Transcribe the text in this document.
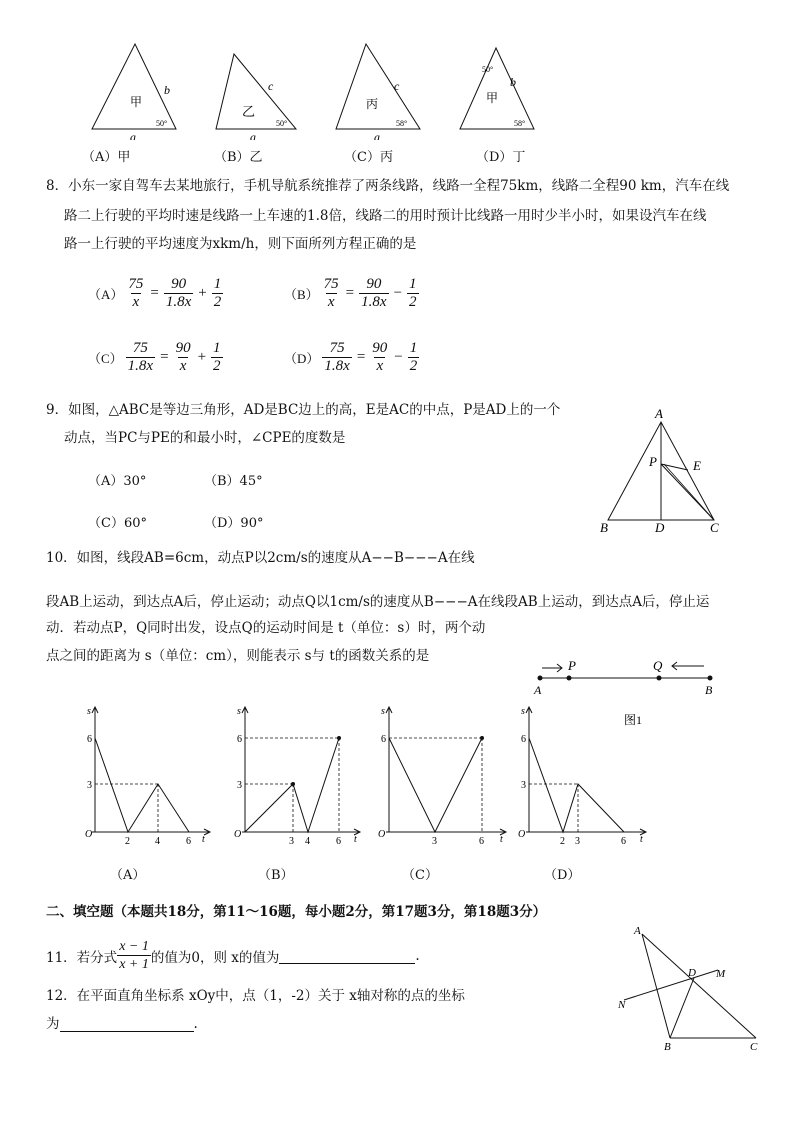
甲
b
a
50°
（A）甲
乙
c
a
50°
（B）乙
丙
c
a
58°
（C）丙
甲
b
50°
58°
（D）丁
8．小东一家自驾车去某地旅行，手机导航系统推荐了两条线路，线路一全程75km，线路二全程90 km，汽车在线
路二上行驶的平均时速是线路一上车速的1.8倍，线路二的用时预计比线路一用时少半小时，如果设汽车在线
路一上行驶的平均速度为xkm/h，则下面所列方程正确的是
$(A) \frac{75}{x} = \frac{90}{1.8x} + \frac{1}{2}$	$(B) \frac{75}{x} = \frac{90}{1.8x} - \frac{1}{2}$
$(C) \frac{75}{1.8x} = \frac{90}{x} + \frac{1}{2}$	$(D) \frac{75}{1.8x} = \frac{90}{x} - \frac{1}{2}$
9．如图，△ABC是等边三角形，AD是BC边上的高，E是AC的中点，P是AD上的一个
动点，当PC与PE的和最小时，∠CPE的度数是
（A）30°	（B）45°
（C）60°	（D）90°
A
B	C
D
E
P
10．如图，线段AB=6cm，动点P以2cm/s的速度从A−−B−−−A在线
段AB上运动，到达点A后，停止运动；动点Q以1cm/s的速度从B−−−A在线段AB上运动，到达点A后，停止运
动．若动点P，Q同时出发，设点Q的运动时间是 t（单位：s）时，两个动
点之间的距离为 s（单位：cm），则能表示 s与 t的函数关系的是
A	B
P	Q
图1
s
t
O
6
3
2	4	6
（A）
s
t
O
6
3
3 4	6
（B）
s
t
O
6
3	6
（C）
s
t
O
6
3
2 3	6
（D）
二、填空题（本题共18分，第11～16题，每小题2分，第17题3分，第18题3分）
11．若分式 $\frac{x - 1}{x + 1}$ 的值为0，则 x的值为	.
12．在平面直角坐标系 xOy中，点（1，-2）关于 x轴对称的点的坐标
为	.
A
B	C
D M
N
